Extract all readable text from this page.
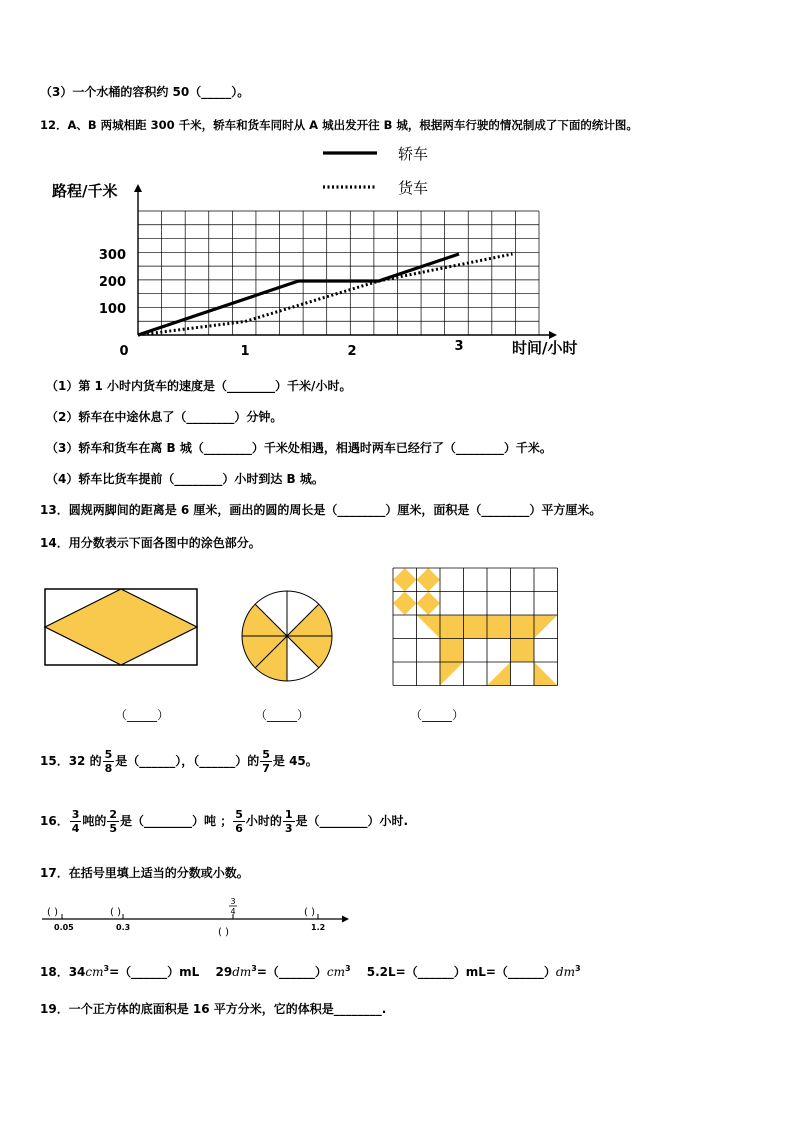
（3）一个水桶的容积约 50（_____）。
12．A、B 两城相距 300 千米，轿车和货车同时从 A 城出发开往 B 城，根据两车行驶的情况制成了下面的统计图。
轿车
货车
100
200
300
0	1	2	3
路程/千米
时间/小时
（1）第 1 小时内货车的速度是（________）千米/小时。
（2）轿车在中途休息了（________）分钟。
（3）轿车和货车在离 B 城（________）千米处相遇，相遇时两车已经行了（________）千米。
（4）轿车比货车提前（________）小时到达 B 城。
13．圆规两脚间的距离是 6 厘米，画出的圆的周长是（________）厘米，面积是（________）平方厘米。
14．用分数表示下面各图中的涂色部分。
（_____）	（_____）	（_____）
15．32 的 $\frac{5}{8}$ 是（______），（______）的 $\frac{5}{7}$ 是 45。
16． $\frac{3}{4}$ 吨的 $\frac{2}{5}$ 是（________）吨 ； $\frac{5}{6}$ 小时的 $\frac{1}{3}$ 是（________）小时.
17．在括号里填上适当的分数或小数。
( )	( )	( )
3
4
0.05	0.3	1.2
( )
18．$34cm^3=(\_\_\_\_\_\_)mL$　 $29dm^3=(\_\_\_\_\_\_)cm^3$　 $5.2L=(\_\_\_\_\_\_)mL=(\_\_\_\_\_\_)dm^3$
19．一个正方体的底面积是 16 平方分米，它的体积是________.
